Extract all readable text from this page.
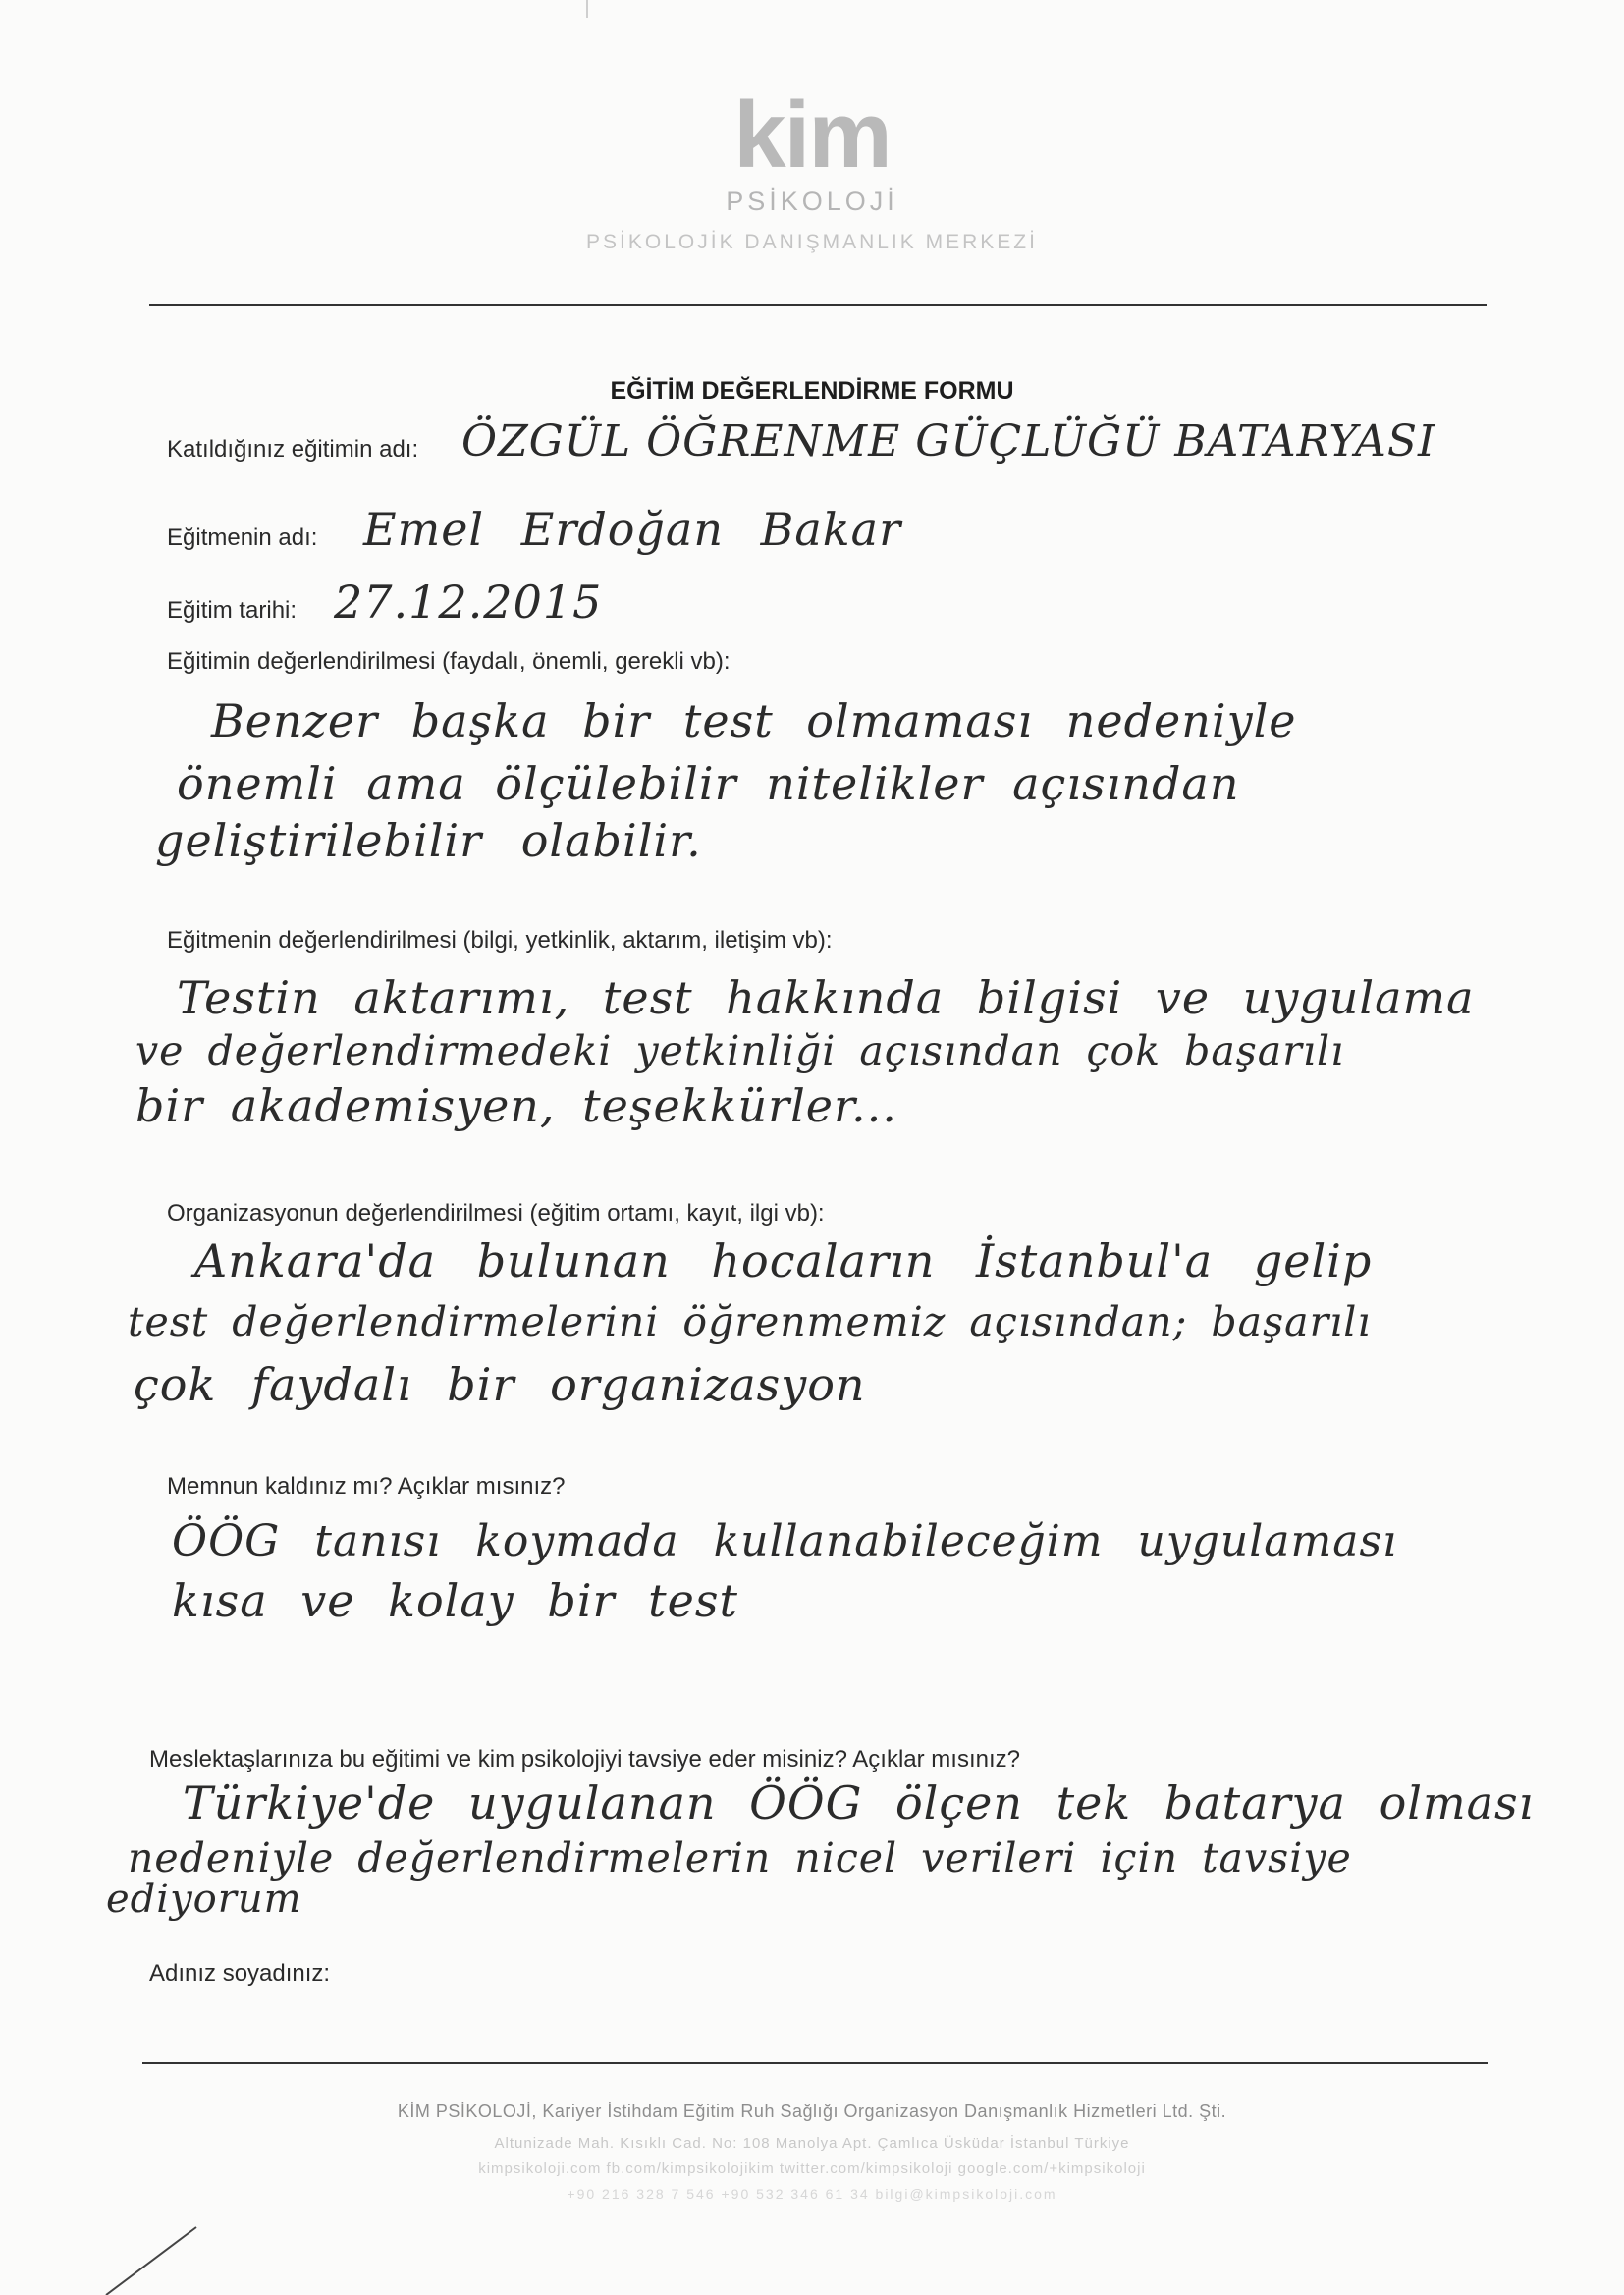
kim
PSİKOLOJİ
PSİKOLOJİK DANIŞMANLIK MERKEZİ
EĞİTİM DEĞERLENDİRME FORMU
Katıldığınız eğitimin adı: ÖZGÜL ÖĞRENME GÜÇLÜĞÜ BATARYASI
Eğitmenin adı: Emel Erdoğan Bakar
Eğitim tarihi: 27.12.2015
Eğitimin değerlendirilmesi (faydalı, önemli, gerekli vb):
Benzer başka bir test olmaması nedeniyle
önemli ama ölçülebilir nitelikler açısından
geliştirilebilir olabilir.
Eğitmenin değerlendirilmesi (bilgi, yetkinlik, aktarım, iletişim vb):
Testin aktarımı, test hakkında bilgisi ve uygulama
ve değerlendirmedeki yetkinliği açısından çok başarılı
bir akademisyen, teşekkürler...
Organizasyonun değerlendirilmesi (eğitim ortamı, kayıt, ilgi vb):
Ankara'da bulunan hocaların İstanbul'a gelip
test değerlendirmelerini öğrenmemiz açısından; başarılı
çok faydalı bir organizasyon
Memnun kaldınız mı? Açıklar mısınız?
ÖÖG tanısı koymada kullanabileceğim uygulaması
kısa ve kolay bir test
Meslektaşlarınıza bu eğitimi ve kim psikolojiyi tavsiye eder misiniz? Açıklar mısınız?
Türkiye'de uygulanan ÖÖG ölçen tek batarya olması
nedeniyle değerlendirmelerin nicel verileri için tavsiye
ediyorum
Adınız soyadınız:
KİM PSİKOLOJİ, Kariyer İstihdam Eğitim Ruh Sağlığı Organizasyon Danışmanlık Hizmetleri Ltd. Şti.
Altunizade Mah. Kısıklı Cad. No: 108 Manolya Apt. Çamlıca Üsküdar İstanbul Türkiye
kimpsikoloji.com fb.com/kimpsikolojikim twitter.com/kimpsikoloji google.com/+kimpsikoloji
+90 216 328 7 546 +90 532 346 61 34 bilgi@kimpsikoloji.com
